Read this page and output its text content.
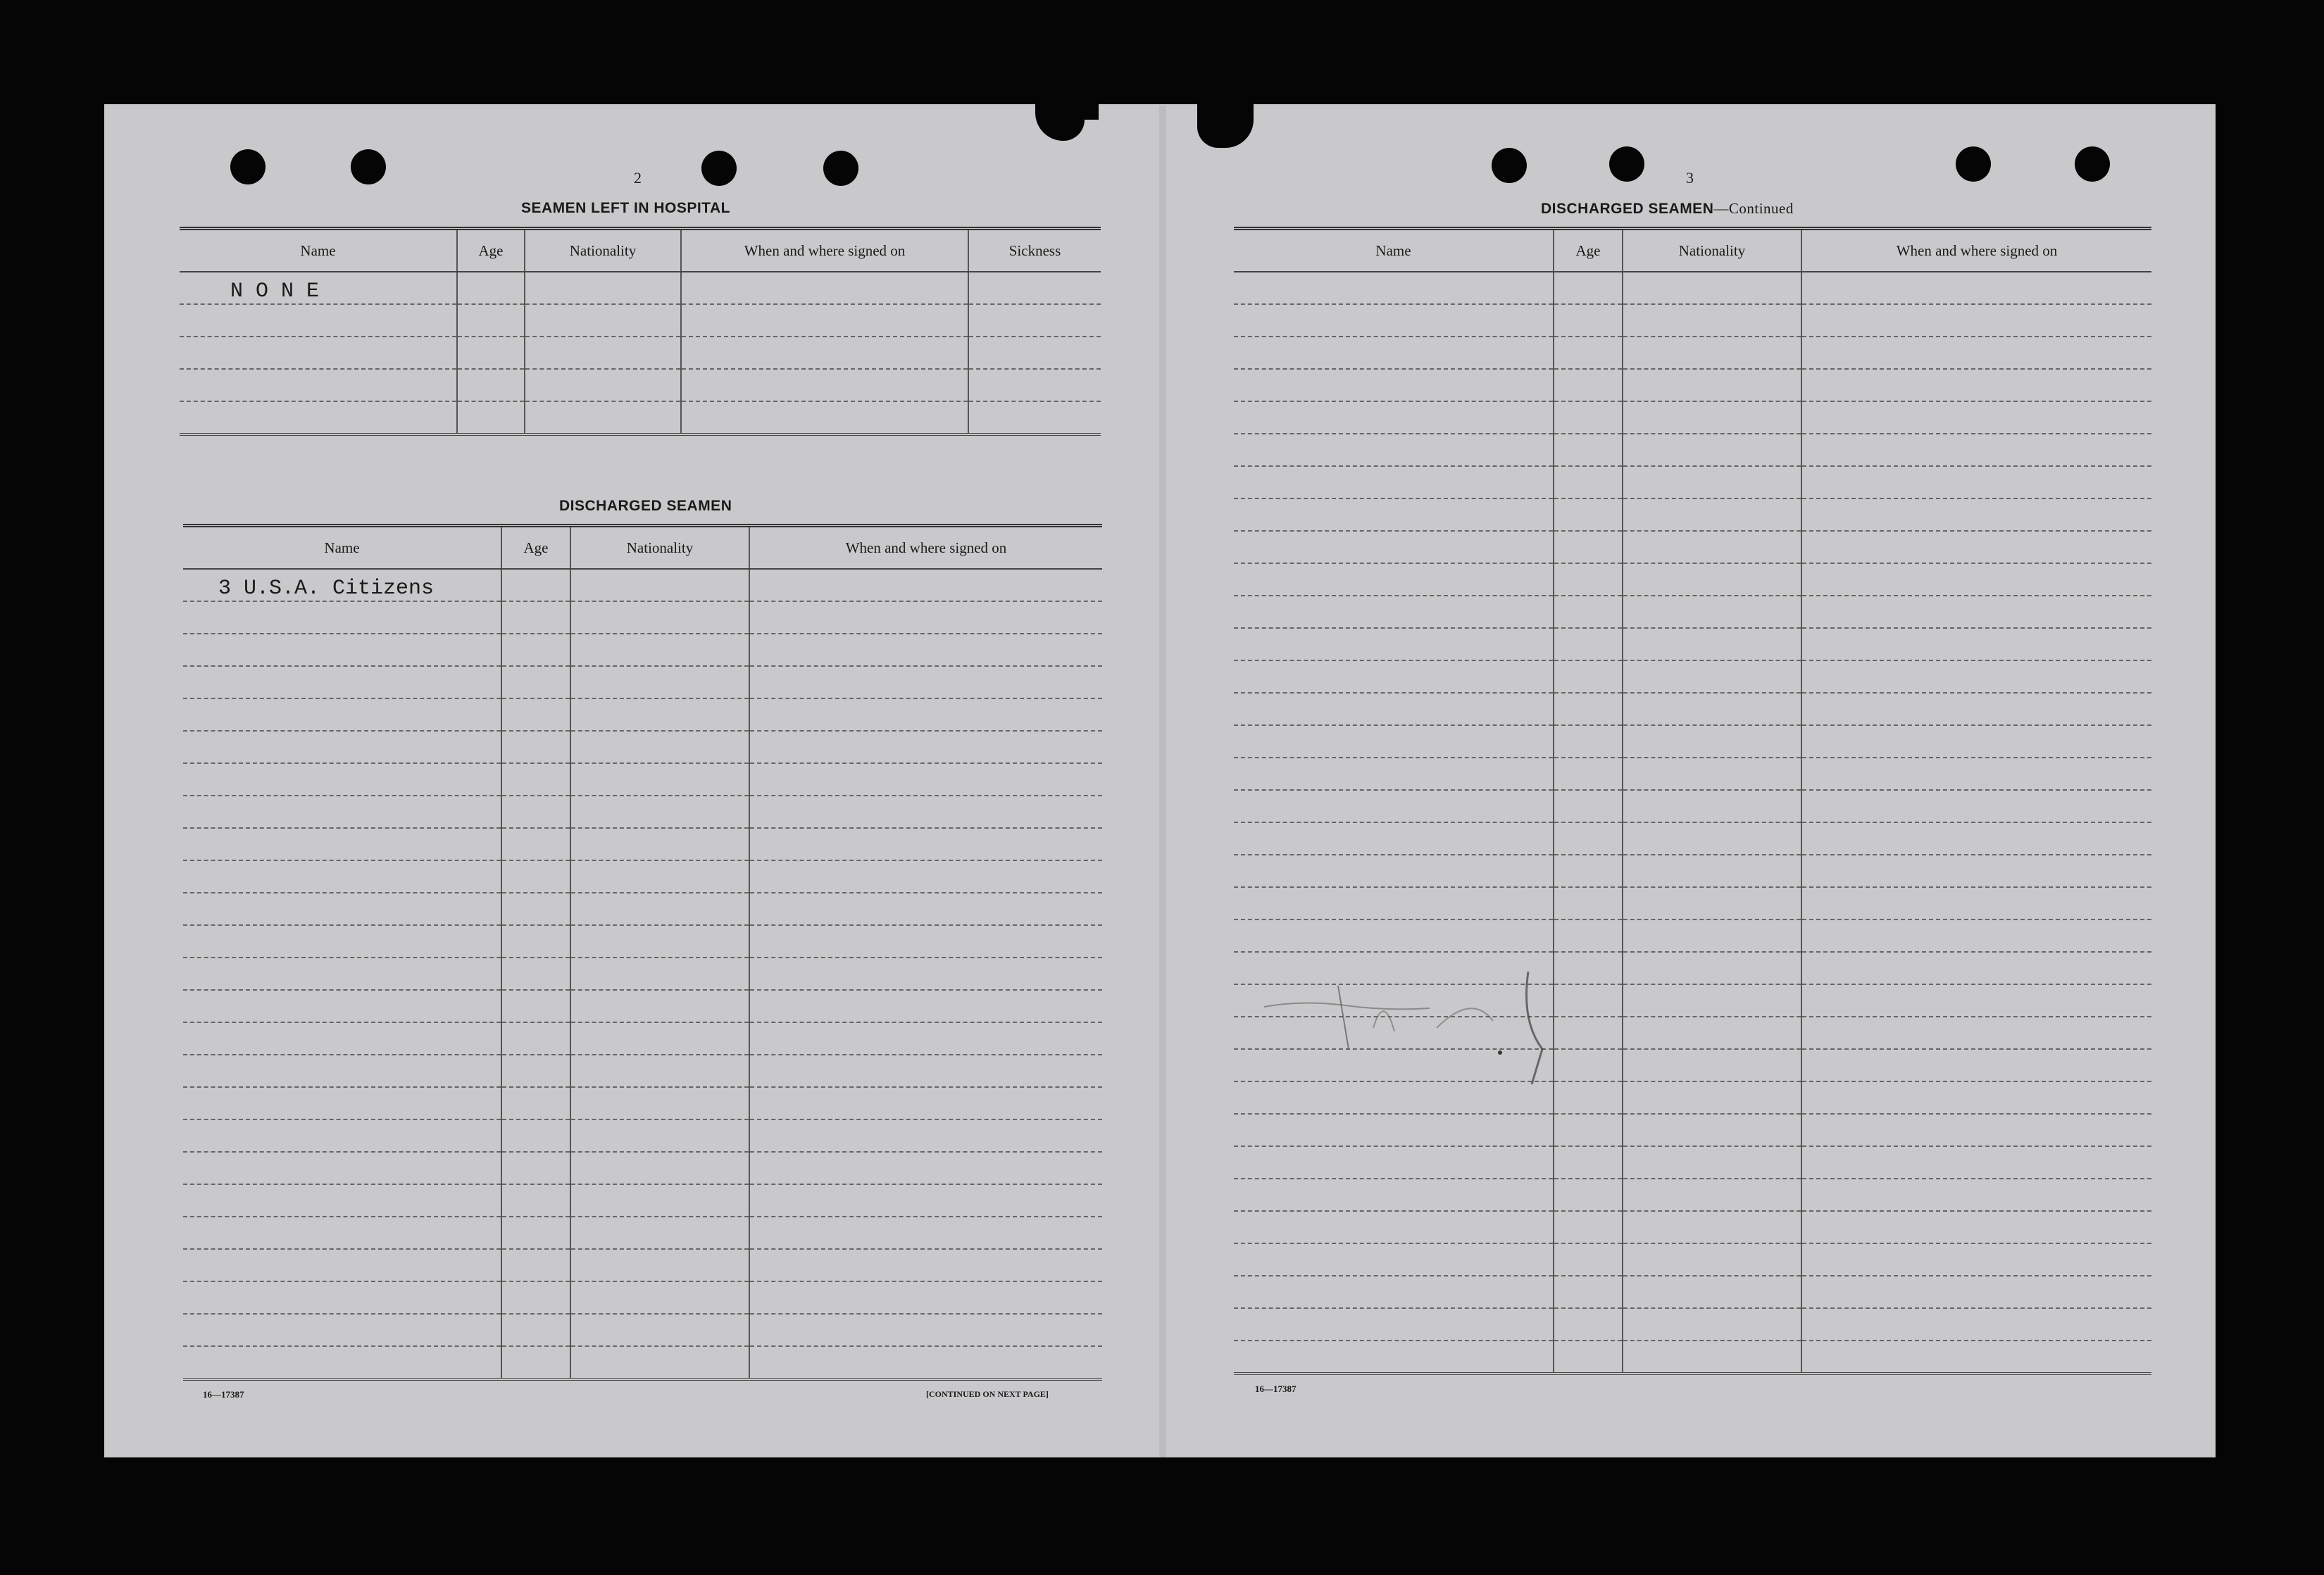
2
SEAMEN LEFT IN HOSPITAL
Name	Age	Nationality	When and where signed on	Sickness
N O N E				

DISCHARGED SEAMEN
Name	Age	Nationality	When and where signed on
3 U.S.A. Citizens			

16—17387	[CONTINUED ON NEXT PAGE]
3
DISCHARGED SEAMEN—Continued
Name	Age	Nationality	When and where signed on

16—17387
